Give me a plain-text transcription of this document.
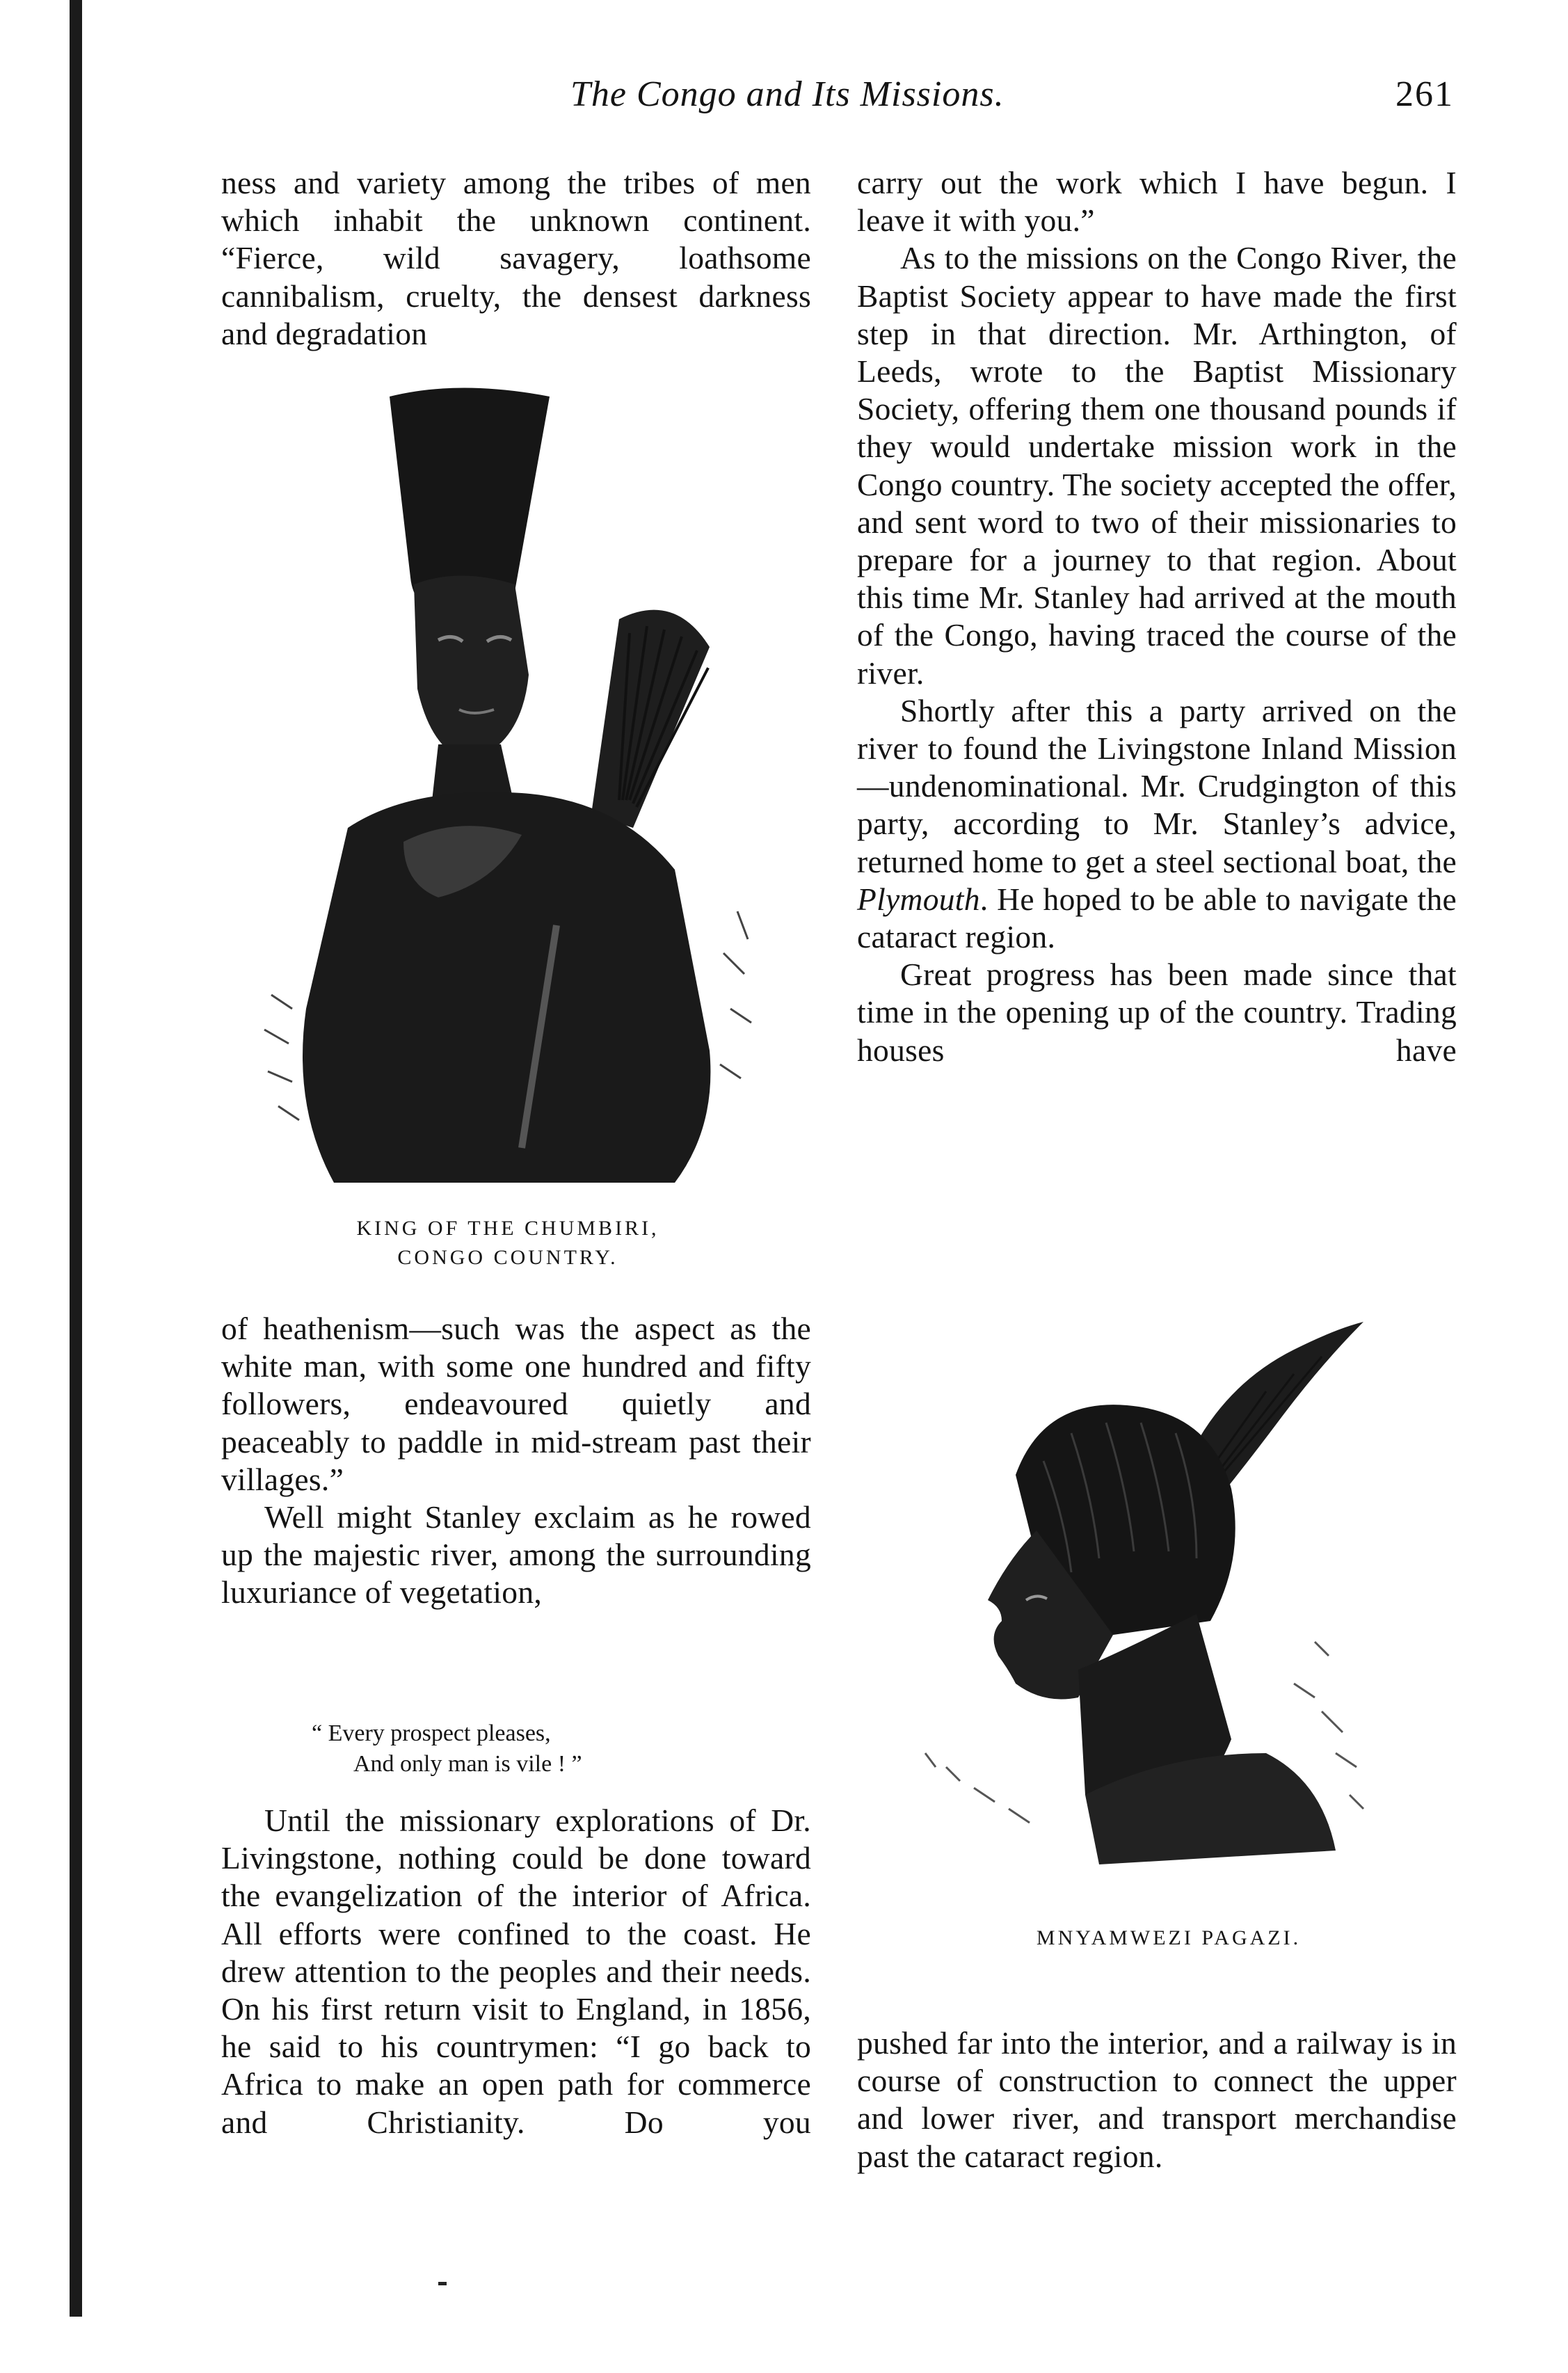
The Congo and Its Missions.	261

ness and variety among the tribes of men which inhabit the unknown continent. “Fierce, wild savagery, loathsome cannibalism, cruelty, the densest darkness and degradation

KING OF THE CHUMBIRI,
CONGO COUNTRY.

of heathenism—such was the aspect as the white man, with some one hundred and fifty followers, endeavoured quietly and peaceably to paddle in mid-stream past their villages.”

Well might Stanley exclaim as he rowed up the majestic river, among the surrounding luxuriance of vegetation,

“ Every prospect pleases,
And only man is vile ! ”

Until the missionary explorations of Dr. Livingstone, nothing could be done toward the evangelization of the interior of Africa. All efforts were confined to the coast. He drew attention to the peoples and their needs. On his first return visit to England, in 1856, he said to his countrymen: “I go back to Africa to make an open path for commerce and Christianity. Do you

carry out the work which I have begun. I leave it with you.”

As to the missions on the Congo River, the Baptist Society appear to have made the first step in that direction. Mr. Arthington, of Leeds, wrote to the Baptist Missionary Society, offering them one thousand pounds if they would undertake mission work in the Congo country. The society accepted the offer, and sent word to two of their missionaries to prepare for a journey to that region. About this time Mr. Stanley had arrived at the mouth of the Congo, having traced the course of the river.

Shortly after this a party arrived on the river to found the Livingstone Inland Mission—undenominational. Mr. Crudgington of this party, according to Mr. Stanley’s advice, returned home to get a steel sectional boat, the Plymouth. He hoped to be able to navigate the cataract region.

Great progress has been made since that time in the opening up of the country. Trading houses have

MNYAMWEZI PAGAZI.

pushed far into the interior, and a railway is in course of construction to connect the upper and lower river, and transport merchandise past the cataract region.
